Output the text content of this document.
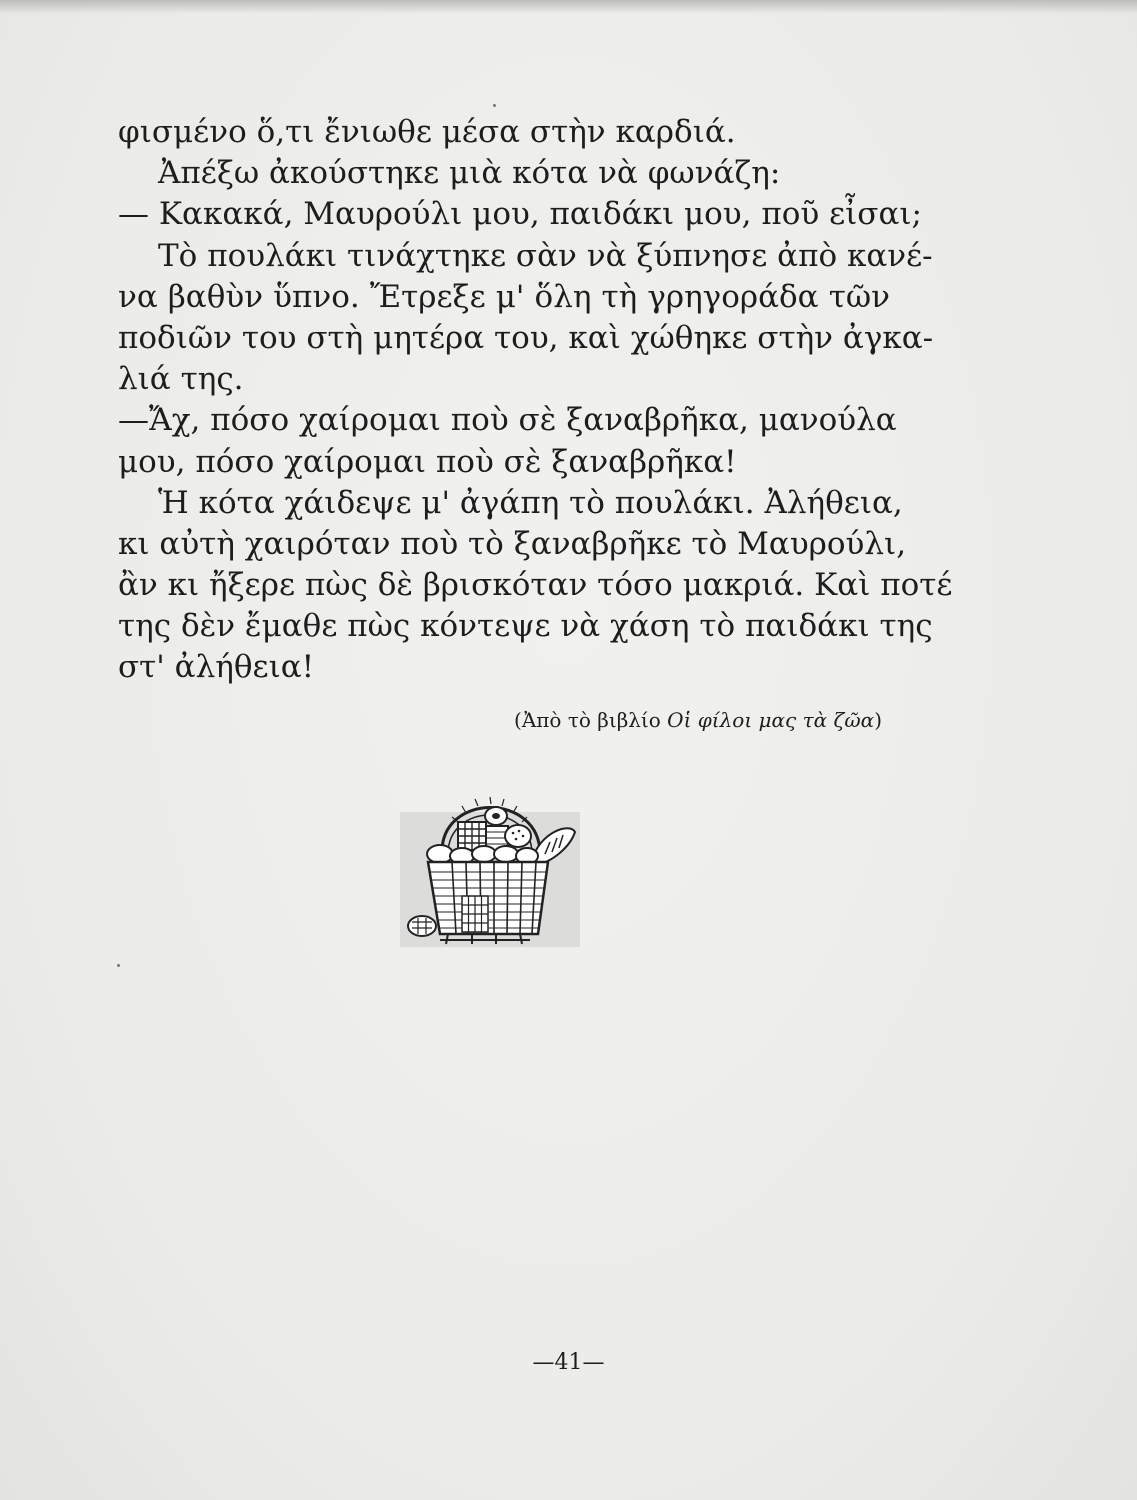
φισμένο ὅ,τι ἔνιωθε μέσα στὴν καρδιά.
Ἀπέξω ἀκούστηκε μιὰ κότα νὰ φωνάζη:
— Κακακά, Μαυρούλι μου, παιδάκι μου, ποῦ εἶσαι;
Τὸ πουλάκι τινάχτηκε σὰν νὰ ξύπνησε ἀπὸ κανέ-
να βαθὺν ὕπνο. Ἔτρεξε μ' ὅλη τὴ γρηγοράδα τῶν
ποδιῶν του στὴ μητέρα του, καὶ χώθηκε στὴν ἀγκα-
λιά της.
—Ἄχ, πόσο χαίρομαι ποὺ σὲ ξαναβρῆκα, μανούλα
μου, πόσο χαίρομαι ποὺ σὲ ξαναβρῆκα!
Ἡ κότα χάιδεψε μ' ἀγάπη τὸ πουλάκι. Ἀλήθεια,
κι αὐτὴ χαιρόταν ποὺ τὸ ξαναβρῆκε τὸ Μαυρούλι,
ἂν κι ἤξερε πὼς δὲ βρισκόταν τόσο μακριά. Καὶ ποτέ
της δὲν ἔμαθε πὼς κόντεψε νὰ χάση τὸ παιδάκι της
στ' ἀλήθεια!
(Ἀπὸ τὸ βιβλίο Οἱ φίλοι μας τὰ ζῶα)
—41—
